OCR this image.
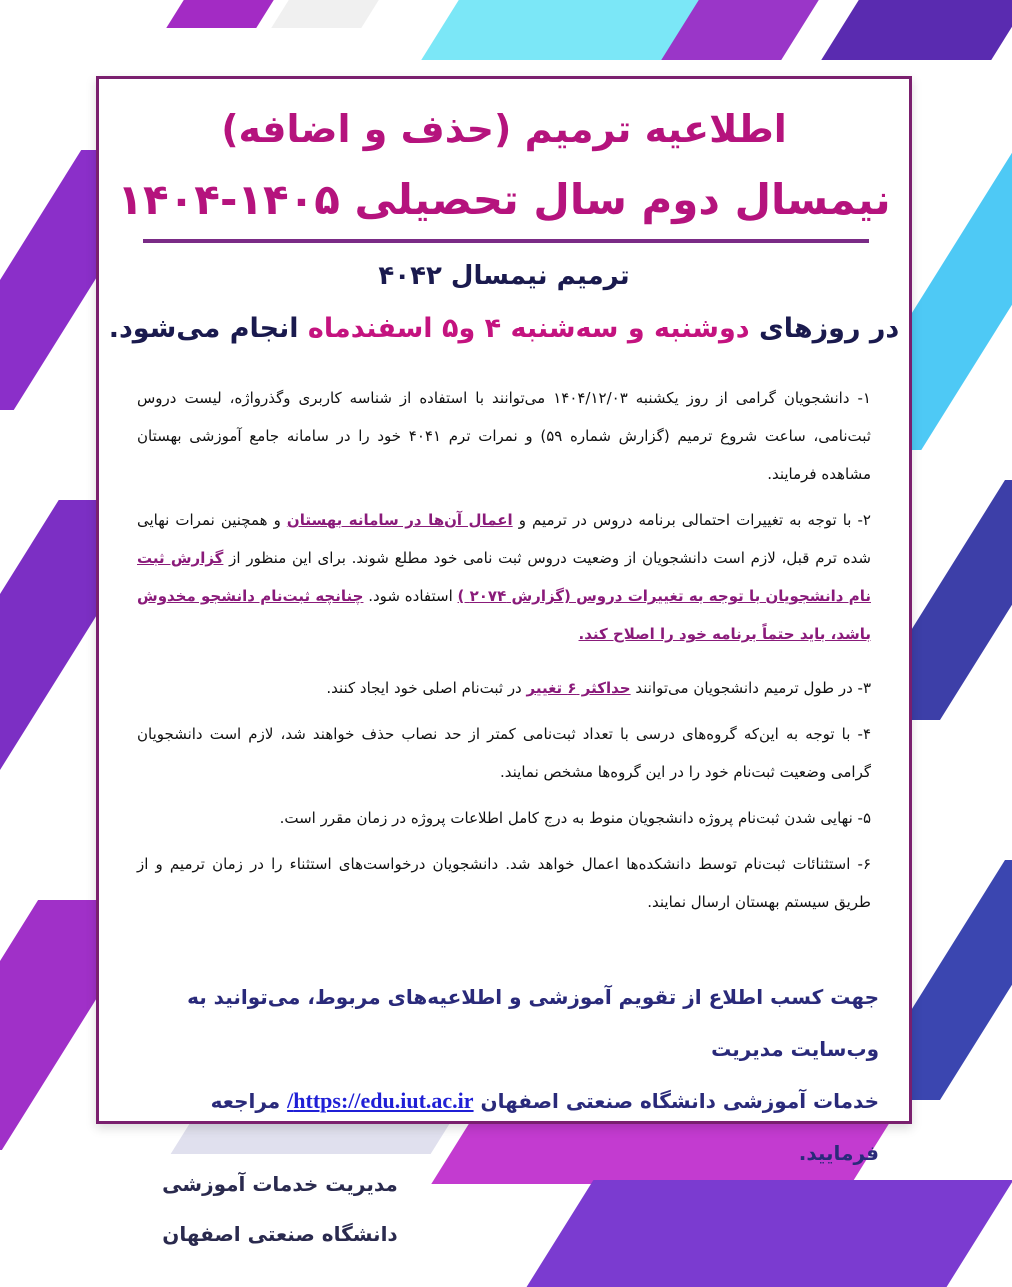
اطلاعیه ترمیم (حذف و اضافه)
نیمسال دوم سال تحصیلی ۱۴۰۵-۱۴۰۴
ترمیم نیمسال ۴۰۴۲
در روزهای دوشنبه و سه‌شنبه ۴ و۵ اسفندماه انجام می‌شود.

۱- دانشجویان گرامی از روز یکشنبه ۱۴۰۴/۱۲/۰۳ می‌توانند با استفاده از شناسه کاربری وگذرواژه، لیست دروس ثبت‌نامی، ساعت شروع ترمیم (گزارش شماره ۵۹) و نمرات ترم ۴۰۴۱ خود را در سامانه جامع آموزشی بهستان مشاهده فرمایند.

۲- با توجه به تغییرات احتمالی برنامه دروس در ترمیم و اعمال آن‌ها در سامانه بهستان و همچنین نمرات نهایی شده ترم قبل، لازم است دانشجویان از وضعیت دروس ثبت نامی خود مطلع شوند. برای این منظور از گزارش ثبت نام دانشجویان با توجه به تغییرات دروس (گزارش ۲۰۷۴ ) استفاده شود. چنانچه ثبت‌نام دانشجو مخدوش باشد، باید حتماً برنامه خود را اصلاح کند.

۳- در طول ترمیم دانشجویان می‌توانند حداکثر ۶ تغییر در ثبت‌نام اصلی خود ایجاد کنند.

۴- با توجه به این‌که گروه‌های درسی با تعداد ثبت‌نامی کمتر از حد نصاب حذف خواهند شد، لازم است دانشجویان گرامی وضعیت ثبت‌نام خود را در این گروه‌ها مشخص نمایند.

۵- نهایی شدن ثبت‌نام پروژه دانشجویان منوط به درج کامل اطلاعات پروژه در زمان مقرر است.

۶- استثنائات ثبت‌نام توسط دانشکده‌ها اعمال خواهد شد. دانشجویان درخواست‌های استثناء را در زمان ترمیم و از طریق سیستم بهستان ارسال نمایند.

جهت کسب اطلاع از تقویم آموزشی و اطلاعیه‌های مربوط، می‌توانید به وب‌سایت مدیریت
خدمات آموزشی دانشگاه صنعتی اصفهان https://edu.iut.ac.ir/ مراجعه فرمایید.
مدیریت خدمات آموزشی
دانشگاه صنعتی اصفهان
